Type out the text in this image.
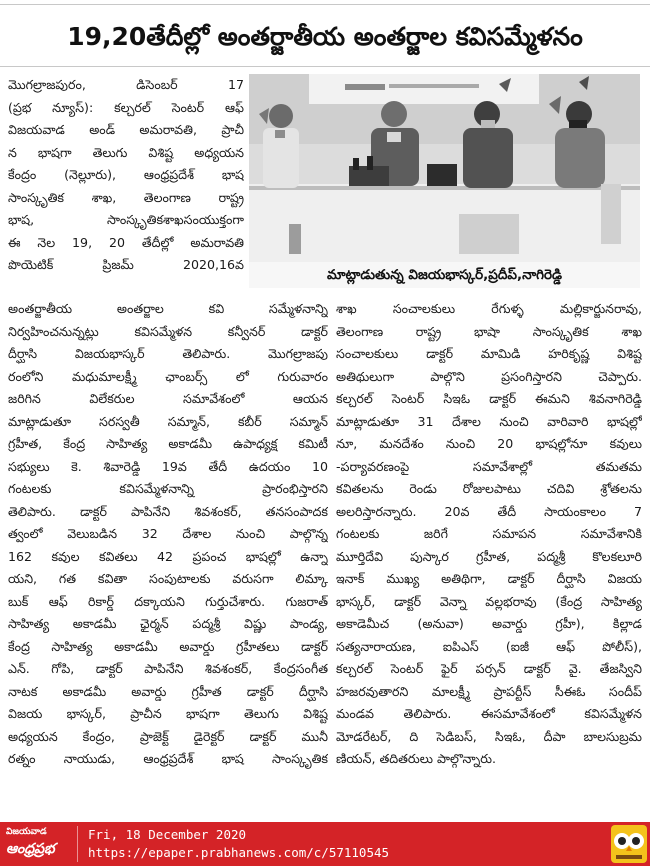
19,20తేదీల్లో అంతర్జాతీయ అంతర్జాల కవిసమ్మేళనం
మాట్లాడుతున్న విజయభాస్కర్,ప్రదీప్,నాగిరెడ్డి

మొగల్రాజపురం, డిసెంబర్ 17

(ప్రభ న్యూస్): కల్చరల్ సెంటర్ ఆఫ్

విజయవాడ అండ్ అమరావతి, ప్రాచీ

న భాషగా తెలుగు విశిష్ట అధ్యయన

కేంద్రం (నెల్లూరు), ఆంధ్రప్రదేశ్ భాష

సాంస్కృతిక శాఖ, తెలంగాణ రాష్ట్ర

భాష, సాంస్కృతికశాఖసంయుక్తంగా

ఈ నెల 19, 20 తేదీల్లో అమరావతి

పొయెటిక్ ప్రిజమ్ 2020,16వ

అంతర్జాతీయ అంతర్జాల కవి సమ్మేళనాన్ని

నిర్వహించనున్నట్లు కవిసమ్మేళన కన్వీనర్ డాక్టర్

దీర్ఘాసి విజయభాస్కర్ తెలిపారు. మొగల్రాజపు

రంలోని మధుమాలక్ష్మీ ఛాంబర్స్ లో గురువారం

జరిగిన విలేకరుల సమావేశంలో ఆయన

మాట్లాడుతూ సరస్వతీ సమ్మాన్, కబీర్ సమ్మాన్

గ్రహీత, కేంద్ర సాహిత్య అకాడమీ ఉపాధ్యక్ష కమిటీ

సభ్యులు కె. శివారెడ్డి 19వ తేదీ ఉదయం 10

గంటలకు కవిసమ్మేళనాన్ని ప్రారంభిస్తారని

తెలిపారు. డాక్టర్ పాపినేని శివశంకర్, తనసంపాదక

త్వంలో వెలుబడిన 32 దేశాల నుంచి పాల్గొన్న

162 కవుల కవితలు 42 ప్రపంచ భాషల్లో ఉన్నా

యని, గత కవితా సంపుటాలకు వరుసగా లిమ్కా

బుక్ ఆఫ్ రికార్డ్ దక్కాయని గుర్తుచేశారు. గుజరాత్

సాహిత్య అకాడమీ ఛైర్మన్ పద్మశ్రీ విష్ణు పాండ్య,

కేంద్ర సాహిత్య అకాడమీ అవార్డు గ్రహీతలు డాక్టర్

ఎన్. గోపి, డాక్టర్ పాపినేని శివశంకర్, కేంద్రసంగీత

నాటక అకాడమీ అవార్డు గ్రహీత డాక్టర్ దీర్ఘాసి

విజయ భాస్కర్, ప్రాచీన భాషగా తెలుగు విశిష్ట

అధ్యయన కేంద్రం, ప్రాజెక్ట్ డైరెక్టర్ డాక్టర్ మునీ

రత్నం నాయుడు, ఆంధ్రప్రదేశ్ భాష సాంస్కృతిక

శాఖ సంచాలకులు రేగుళ్ళ మల్లికార్జునరావు,

తెలంగాణ రాష్ట్ర భాషా సాంస్కృతిక శాఖ

సంచాలకులు డాక్టర్ మామిడి హరికృష్ణ విశిష్ట

అతిథులుగా పాల్గొని ప్రసంగిస్తారని చెప్పారు.

కల్చరల్ సెంటర్ సిఇఓ డాక్టర్ ఈమని శివనాగిరెడ్డి

మాట్లాడుతూ 31 దేశాల నుంచి వారివారి భాషల్లో

నూ, మనదేశం నుంచి 20 భాషల్లోనూ కవులు

-పర్యావరణంపై సమావేశాల్లో తమతమ

కవితలను రెండు రోజులపాటు చదివి శ్రోతలను

అలరిస్తారన్నారు. 20వ తేదీ సాయంకాలం 7

గంటలకు జరిగే సమాపన సమావేశానికి

మూర్తిదేవి పుస్కార గ్రహీత, పద్మశ్రీ కొలకలూరి

ఇనాక్ ముఖ్య అతిథిగా, డాక్టర్ దీర్ఘాసి విజయ

భాస్కర్, డాక్టర్ వెన్నా వల్లభరావు (కేంద్ర సాహిత్య

అకాడెమీచ (అనువా) అవార్డు గ్రహీ), కిల్లాడ

సత్యనారాయణ, ఐపిఎస్ (ఐజీ ఆఫ్ పోలీస్),

కల్చరల్ సెంటర్ ఫైర్ పర్సన్ డాక్టర్ వై. తేజస్విని

హజరవుతారని మాలక్ష్మీ ప్రాపర్టీస్ సీఈఓ సందీప్

మండవ తెలిపారు. ఈసమావేశంలో కవిసమ్మేళన

మోడరేటర్, ది సెడిబస్, సిఇఓ, దీపా బాలసుబ్రమ

ణియన్, తదితరులు పాల్గొన్నారు.

విజయవాడ
ఆంధ్రప్రభ
Fri, 18 December 2020
https://epaper.prabhanews.com/c/57110545
